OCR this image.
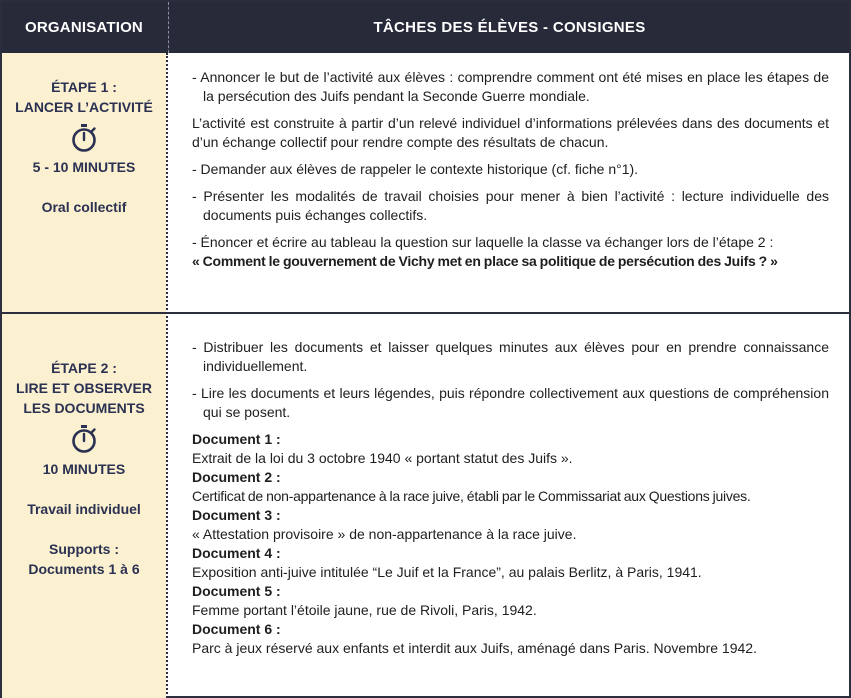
ORGANISATION	TÂCHES DES ÉLÈVES - CONSIGNES
ÉTAPE 1 :
LANCER L’ACTIVITÉ
5 - 10 MINUTES
Oral collectif
ÉTAPE 2 :
LIRE ET OBSERVER
LES DOCUMENTS
10 MINUTES
Travail individuel
Supports :
Documents 1 à 6

- Annoncer le but de l’activité aux élèves : comprendre comment ont été mises en place les étapes de la persécution des Juifs pendant la Seconde Guerre mondiale.

L’activité est construite à partir d’un relevé individuel d’informations prélevées dans des documents et d’un échange collectif pour rendre compte des résultats de chacun.

- Demander aux élèves de rappeler le contexte historique (cf. fiche n°1).

- Présenter les modalités de travail choisies pour mener à bien l’activité : lecture individuelle des documents puis échanges collectifs.

- Énoncer et écrire au tableau la question sur laquelle la classe va échanger lors de l’étape 2 :

« Comment le gouvernement de Vichy met en place sa politique de persécution des Juifs ? »

- Distribuer les documents et laisser quelques minutes aux élèves pour en prendre connaissance individuellement.

- Lire les documents et leurs légendes, puis répondre collectivement aux questions de compréhension qui se posent.

Document 1 :

Extrait de la loi du 3 octobre 1940 « portant statut des Juifs ».

Document 2 :

Certificat de non-appartenance à la race juive, établi par le Commissariat aux Questions juives.

Document 3 :

« Attestation provisoire » de non-appartenance à la race juive.

Document 4 :

Exposition anti-juive intitulée “Le Juif et la France”, au palais Berlitz, à Paris, 1941.

Document 5 :

Femme portant l’étoile jaune, rue de Rivoli, Paris, 1942.

Document 6 :

Parc à jeux réservé aux enfants et interdit aux Juifs, aménagé dans Paris. Novembre 1942.
